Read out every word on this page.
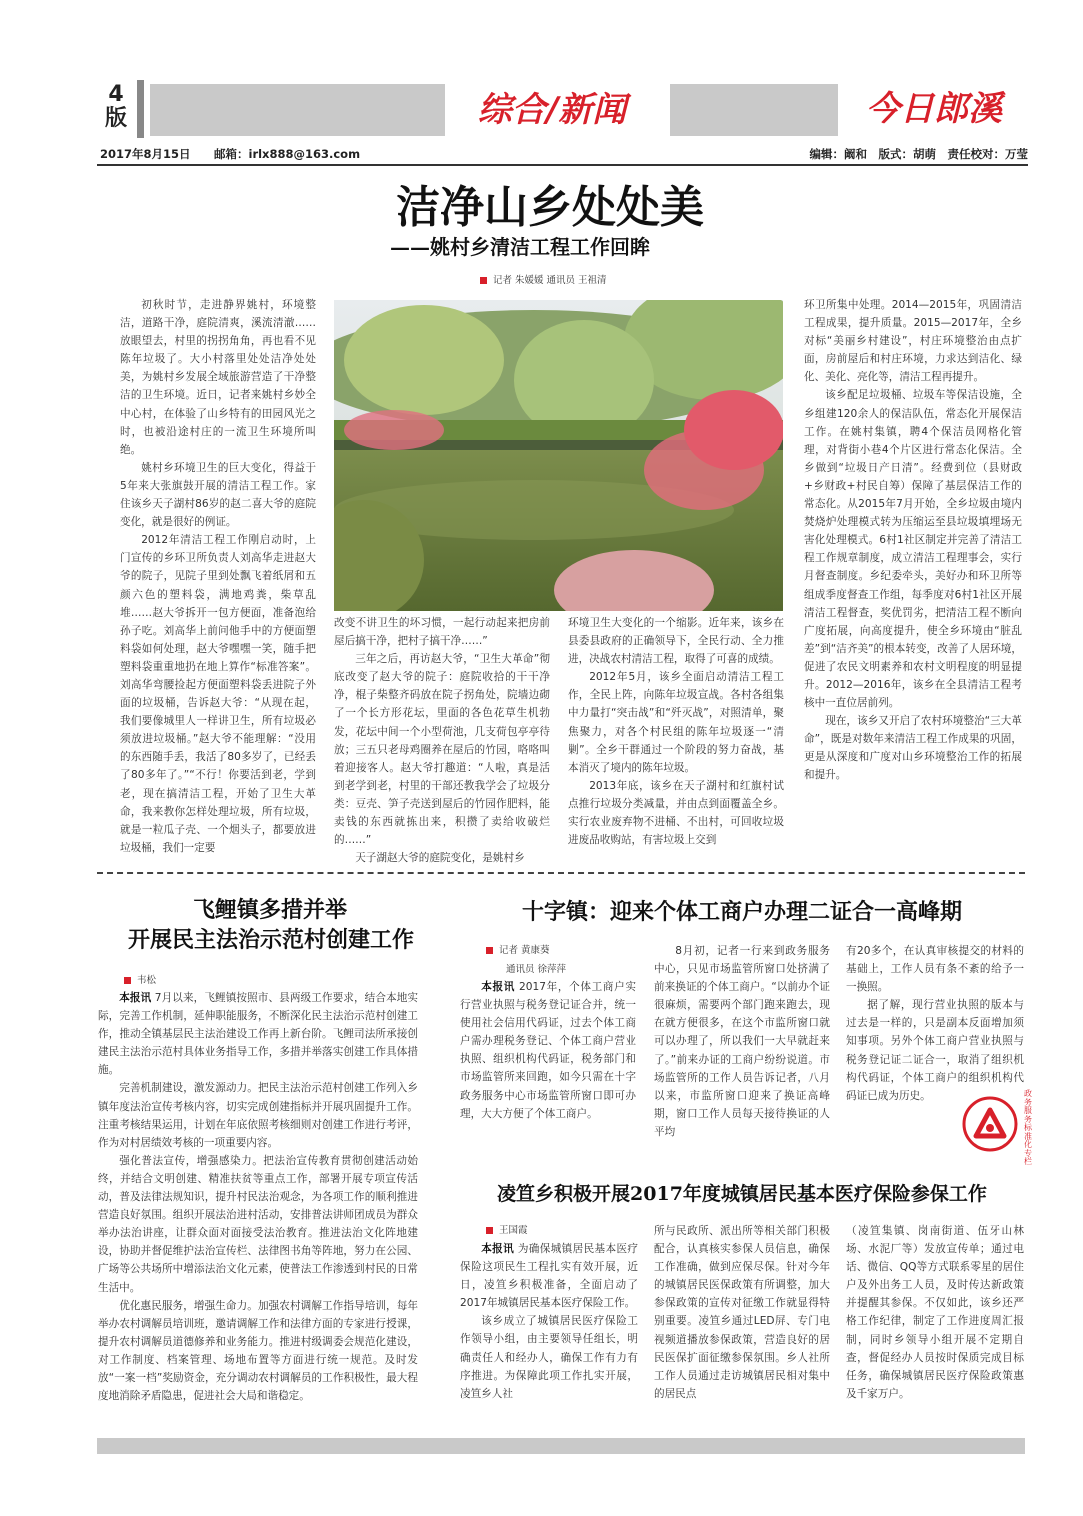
4
版	综合/新闻	今日郎溪
2017年8月15日 邮箱：irlx888@163.com	编辑：阚和　版式：胡萌　责任校对：万莹
洁净山乡处处美
——姚村乡清洁工程工作回眸
记者 朱媛媛 通讯员 王祖清

初秋时节，走进静界姚村，环境整洁，道路干净，庭院清爽，溪流清澈……放眼望去，村里的拐拐角角，再也看不见陈年垃圾了。大小村落里处处洁净处处美，为姚村乡发展全域旅游营造了干净整洁的卫生环境。近日，记者来姚村乡妙全中心村，在体验了山乡特有的田园风光之时，也被沿途村庄的一流卫生环境所叫绝。

姚村乡环境卫生的巨大变化，得益于5年来大张旗鼓开展的清洁工程工作。家住该乡天子湖村86岁的赵二喜大爷的庭院变化，就是很好的例证。

2012年清洁工程工作刚启动时，上门宣传的乡环卫所负责人刘高华走进赵大爷的院子，见院子里到处飘飞着纸屑和五颜六色的塑料袋，满地鸡粪，柴草乱堆……赵大爷拆开一包方便面，准备泡给孙子吃。刘高华上前问他手中的方便面塑料袋如何处理，赵大爷嘿嘿一笑，随手把塑料袋重重地扔在地上算作“标准答案”。刘高华弯腰捡起方便面塑料袋丢进院子外面的垃圾桶，告诉赵大爷：“从现在起，我们要像城里人一样讲卫生，所有垃圾必须放进垃圾桶。”赵大爷不能理解：“没用的东西随手丢，我活了80多岁了，已经丢了80多年了。”“不行！你要活到老，学到老，现在搞清洁工程，开始了卫生大革命，我来教你怎样处理垃圾，所有垃圾，就是一粒瓜子壳、一个烟头子，都要放进垃圾桶，我们一定要

改变不讲卫生的坏习惯，一起行动起来把房前屋后搞干净，把村子搞干净……”

三年之后，再访赵大爷，“卫生大革命”彻底改变了赵大爷的院子：庭院收拾的干干净净，棍子柴整齐码放在院子拐角处，院墙边砌了一个长方形花坛，里面的各色花草生机勃发，花坛中间一个小型荷池，几支荷包亭亭待放；三五只老母鸡圈养在屋后的竹园，咯咯叫着迎接客人。赵大爷打趣道：“人啦，真是活到老学到老，村里的干部还教我学会了垃圾分类：豆壳、笋子壳送到屋后的竹园作肥料，能卖钱的东西就拣出来，积攒了卖给收破烂的……”

天子湖赵大爷的庭院变化，是姚村乡

环境卫生大变化的一个缩影。近年来，该乡在县委县政府的正确领导下，全民行动、全力推进，决战农村清洁工程，取得了可喜的成绩。

2012年5月，该乡全面启动清洁工程工作，全民上阵，向陈年垃圾宣战。各村各组集中力量打“突击战”和“歼灭战”，对照清单，聚焦聚力，对各个村民组的陈年垃圾逐一“清剿”。全乡干群通过一个阶段的努力奋战，基本消灭了境内的陈年垃圾。

2013年底，该乡在天子湖村和红旗村试点推行垃圾分类减量，并由点到面覆盖全乡。实行农业废弃物不进桶、不出村，可回收垃圾进废品收购站，有害垃圾上交到

环卫所集中处理。2014—2015年，巩固清洁工程成果，提升质量。2015—2017年，全乡对标“美丽乡村建设”，村庄环境整治由点扩面，房前屋后和村庄环境，力求达到洁化、绿化、美化、亮化等，清洁工程再提升。

该乡配足垃圾桶、垃圾车等保洁设施，全乡组建120余人的保洁队伍，常态化开展保洁工作。在姚村集镇，聘4个保洁员网格化管理，对背街小巷4个片区进行常态化保洁。全乡做到“垃圾日产日清”。经费到位（县财政+乡财政+村民自筹）保障了基层保洁工作的常态化。从2015年7月开始，全乡垃圾由境内焚烧炉处理模式转为压缩运至县垃圾填埋场无害化处理模式。6村1社区制定并完善了清洁工程工作规章制度，成立清洁工程理事会，实行月督查制度。乡纪委牵头，美好办和环卫所等组成季度督查工作组，每季度对6村1社区开展清洁工程督查，奖优罚劣，把清洁工程不断向广度拓展，向高度提升，使全乡环境由“脏乱差”到“洁齐美”的根本转变，改善了人居环境，促进了农民文明素养和农村文明程度的明显提升。2012—2016年，该乡在全县清洁工程考核中一直位居前列。

现在，该乡又开启了农村环境整治“三大革命”，既是对数年来清洁工程工作成果的巩固，更是从深度和广度对山乡环境整治工作的拓展和提升。

飞鲤镇多措并举
开展民主法治示范村创建工作
韦松

本报讯 7月以来，飞鲤镇按照市、县两级工作要求，结合本地实际，完善工作机制，延伸职能服务，不断深化民主法治示范村创建工作，推动全镇基层民主法治建设工作再上新台阶。飞鲤司法所承接创建民主法治示范村具体业务指导工作，多措并举落实创建工作具体措施。

完善机制建设，激发源动力。把民主法治示范村创建工作列入乡镇年度法治宣传考核内容，切实完成创建指标并开展巩固提升工作。注重考核结果运用，计划在年底依照考核细则对创建工作进行考评，作为对村居绩效考核的一项重要内容。

强化普法宣传，增强感染力。把法治宣传教育贯彻创建活动始终，并结合文明创建、精准扶贫等重点工作，部署开展专项宣传活动，普及法律法规知识，提升村民法治观念，为各项工作的顺利推进营造良好氛围。组织开展法治进村活动，安排普法讲师团成员为群众举办法治讲座，让群众面对面接受法治教育。推进法治文化阵地建设，协助并督促维护法治宣传栏、法律图书角等阵地，努力在公园、广场等公共场所中增添法治文化元素，使普法工作渗透到村民的日常生活中。

优化惠民服务，增强生命力。加强农村调解工作指导培训，每年举办农村调解员培训班，邀请调解工作和法律方面的专家进行授课，提升农村调解员道德修养和业务能力。推进村级调委会规范化建设，对工作制度、档案管理、场地布置等方面进行统一规范。及时发放“一案一档”奖励资金，充分调动农村调解员的工作积极性，最大程度地消除矛盾隐患，促进社会大局和谐稳定。

十字镇：迎来个体工商户办理二证合一高峰期
记者 黄康葵
通讯员 徐萍萍

本报讯 2017年，个体工商户实行营业执照与税务登记证合并，统一使用社会信用代码证，过去个体工商户需办理税务登记、个体工商户营业执照、组织机构代码证，税务部门和市场监管所来回跑，如今只需在十字政务服务中心市场监管所窗口即可办理，大大方便了个体工商户。

8月初，记者一行来到政务服务中心，只见市场监管所窗口处挤满了前来换证的个体工商户。“以前办个证很麻烦，需要两个部门跑来跑去，现在就方便很多，在这个市监所窗口就可以办理了，所以我们一大早就赶来了。”前来办证的工商户纷纷说道。市场监管所的工作人员告诉记者，八月以来，市监所窗口迎来了换证高峰期，窗口工作人员每天接待换证的人平均

有20多个，在认真审核提交的材料的基础上，工作人员有条不紊的给予一一换照。

据了解，现行营业执照的版本与过去是一样的，只是副本反面增加须知事项。另外个体工商户营业执照与税务登记证二证合一，取消了组织机构代码证，个体工商户的组织机构代码证已成为历史。	政务服务标准化专栏
凌笪乡积极开展2017年度城镇居民基本医疗保险参保工作
王国霞

本报讯 为确保城镇居民基本医疗保险这项民生工程扎实有效开展，近日，凌笪乡积极准备，全面启动了2017年城镇居民基本医疗保险工作。

该乡成立了城镇居民医疗保险工作领导小组，由主要领导任组长，明确责任人和经办人，确保工作有力有序推进。为保障此项工作扎实开展，凌笪乡人社

所与民政所、派出所等相关部门积极配合，认真核实参保人员信息，确保工作准确，做到应保尽保。针对今年的城镇居民医保政策有所调整，加大参保政策的宣传对征缴工作就显得特别重要。凌笪乡通过LED屏、专门电视频道播放参保政策，营造良好的居民医保扩面征缴参保氛围。乡人社所工作人员通过走访城镇居民相对集中的居民点

（凌笪集镇、岗南街道、伍牙山林场、水泥厂等）发放宣传单；通过电话、微信、QQ等方式联系零星的居住户及外出务工人员，及时传达新政策并提醒其参保。不仅如此，该乡还严格工作纪律，制定了工作进度周汇报制，同时乡领导小组开展不定期自查，督促经办人员按时保质完成目标任务，确保城镇居民医疗保险政策惠及千家万户。
